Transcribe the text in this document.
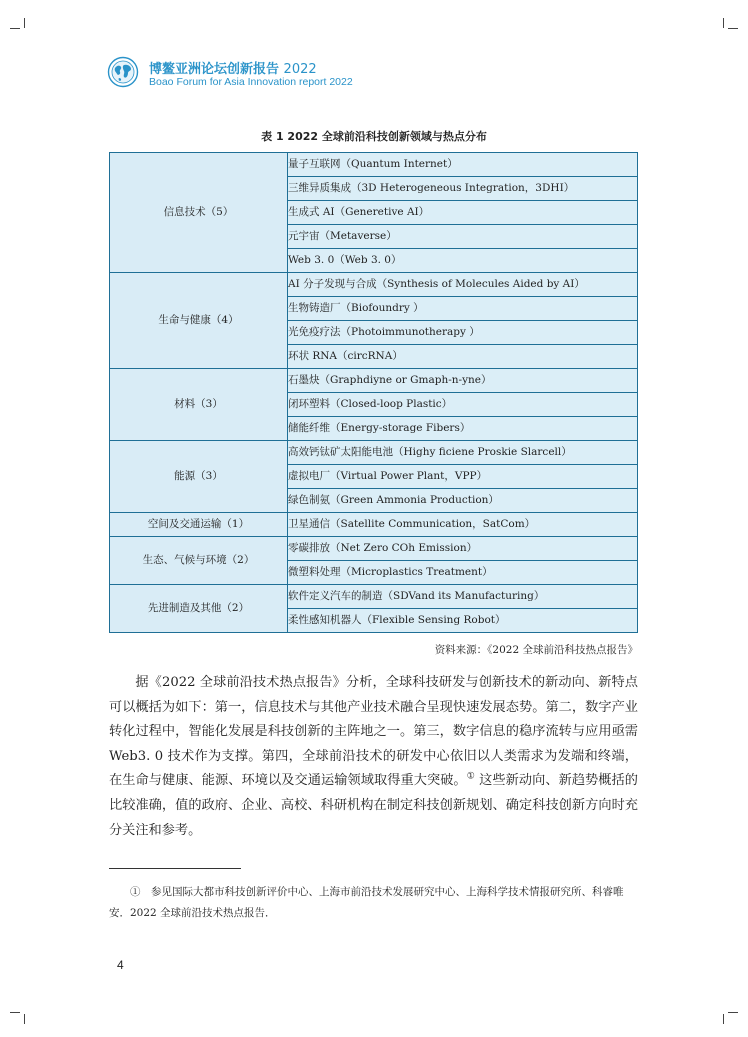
博鳌亚洲论坛创新报告 2022
Boao Forum for Asia Innovation report 2022
表 1 2022 全球前沿科技创新领域与热点分布
信息技术（5）	量子互联网（Quantum Internet）
	三维异质集成（3D Heterogeneous Integration，3DHI）
	生成式 AI（Generetive AI）
	元宇宙（Metaverse）
	Web 3. 0（Web 3. 0）
生命与健康（4）	AI 分子发现与合成（Synthesis of Molecules Aided by AI）
	生物铸造厂（Biofoundry ）
	光免疫疗法（Photoimmunotherapy ）
	环状 RNA（circRNA）
材料（3）	石墨炔（Graphdiyne or Gmaph-n-yne）
	闭环塑料（Closed-loop Plastic）
	储能纤维（Energy-storage Fibers）
能源（3）	高效钙钛矿太阳能电池（Highy ficiene Proskie Slarcell）
	虚拟电厂（Virtual Power Plant，VPP）
	绿色制氨（Green Ammonia Production）
空间及交通运输（1）	卫星通信（Satellite Communication，SatCom）
生态、气候与环境（2）	零碳排放（Net Zero COh Emission）
	微塑料处理（Microplastics Treatment）
先进制造及其他（2）	软件定义汽车的制造（SDVand its Manufacturing）
	柔性感知机器人（Flexible Sensing Robot）
资料来源：《2022 全球前沿科技热点报告》

据《2022 全球前沿技术热点报告》分析，全球科技研发与创新技术的新动向、新特点可以概括为如下：第一，信息技术与其他产业技术融合呈现快速发展态势。第二，数字产业转化过程中，智能化发展是科技创新的主阵地之一。第三，数字信息的稳序流转与应用亟需 Web3. 0 技术作为支撑。第四，全球前沿技术的研发中心依旧以人类需求为发端和终端，在生命与健康、能源、环境以及交通运输领域取得重大突破。① 这些新动向、新趋势概括的比较准确，值的政府、企业、高校、科研机构在制定科技创新规划、确定科技创新方向时充分关注和参考。

①　参见国际大都市科技创新评价中心、上海市前沿技术发展研究中心、上海科学技术情报研究所、科睿唯安．2022 全球前沿技术热点报告．

4
